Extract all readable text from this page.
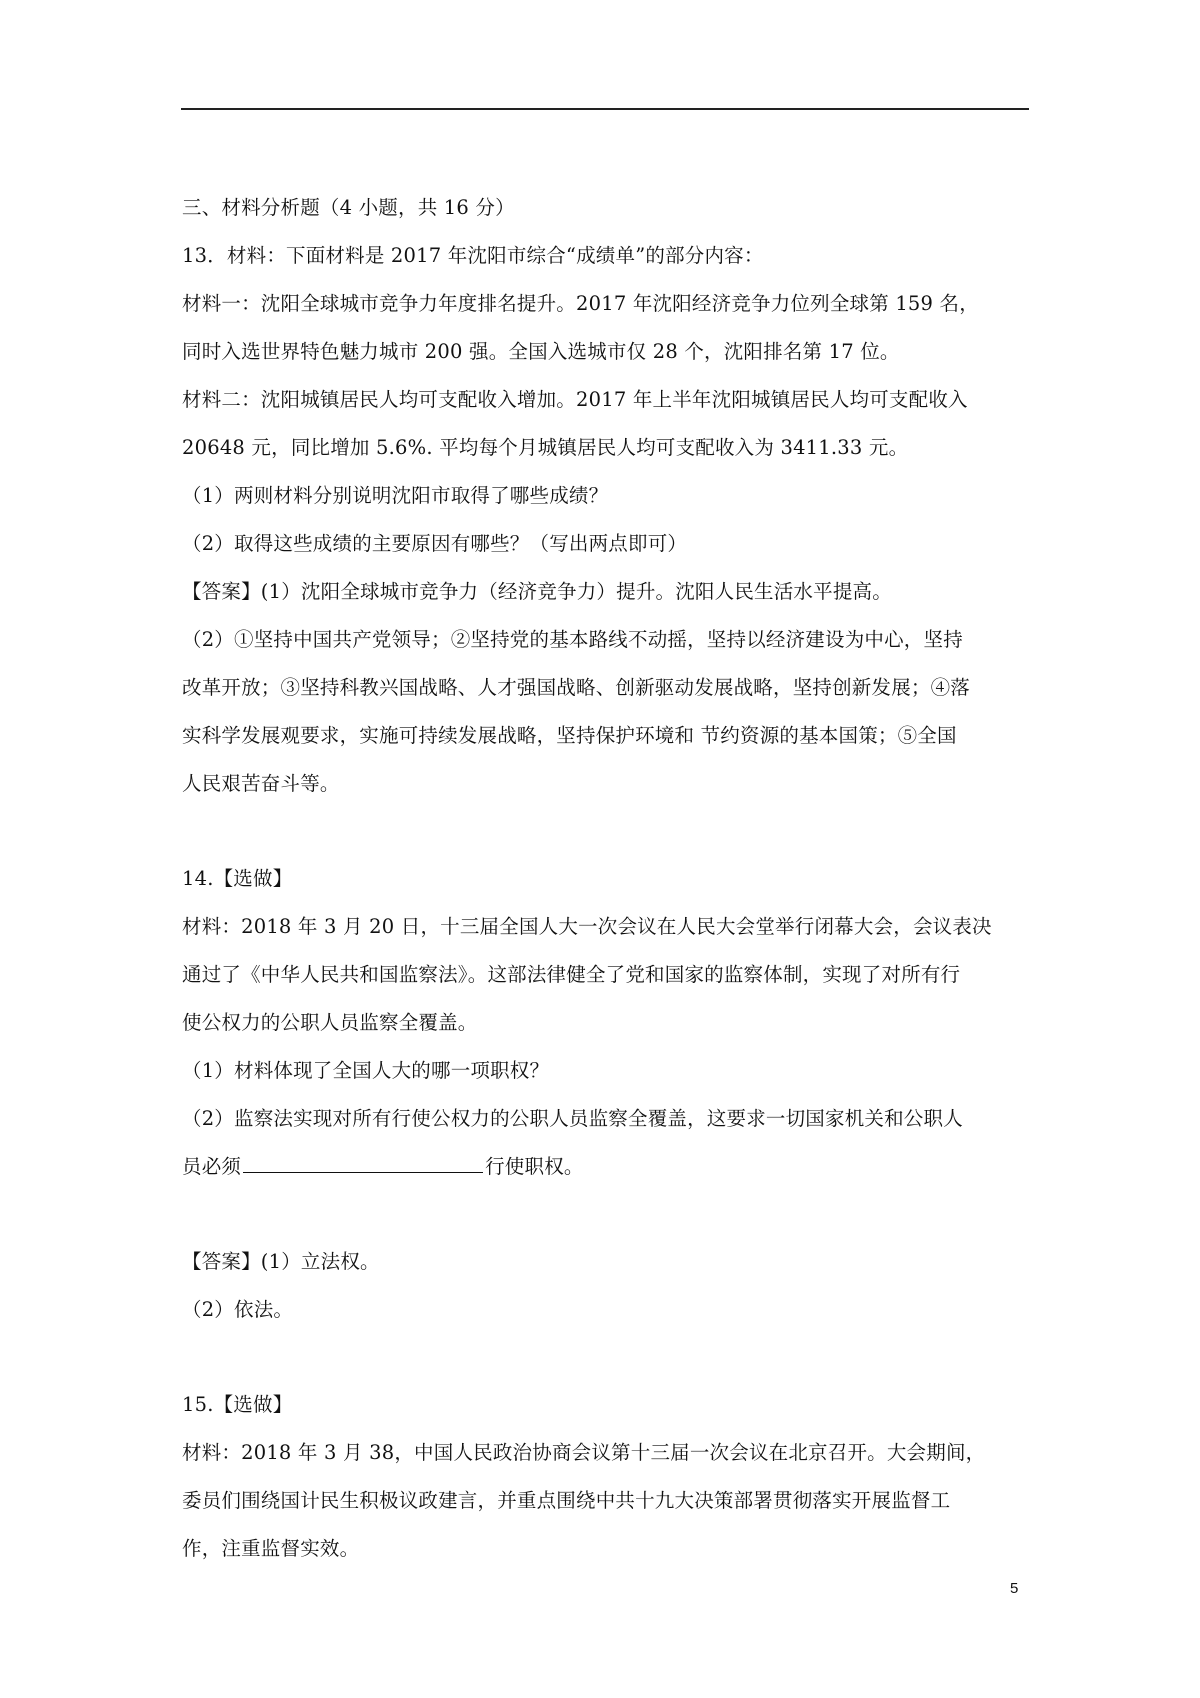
三、材料分析题（4 小题，共 16 分）
13．材料：下面材料是 2017 年沈阳市综合“成绩单”的部分内容：
材料一：沈阳全球城市竞争力年度排名提升。2017 年沈阳经济竞争力位列全球第 159 名，
同时入选世界特色魅力城市 200 强。全国入选城市仅 28 个，沈阳排名第 17 位。
材料二：沈阳城镇居民人均可支配收入增加。2017 年上半年沈阳城镇居民人均可支配收入
20648 元，同比增加 5.6%. 平均每个月城镇居民人均可支配收入为 3411.33 元。
（1）两则材料分别说明沈阳市取得了哪些成绩？
（2）取得这些成绩的主要原因有哪些？（写出两点即可）
【答案】(1）沈阳全球城市竞争力（经济竞争力）提升。沈阳人民生活水平提高。
（2）①坚持中国共产党领导；②坚持党的基本路线不动摇，坚持以经济建设为中心，坚持
改革开放；③坚持科教兴国战略、人才强国战略、创新驱动发展战略，坚持创新发展；④落
实科学发展观要求，实施可持续发展战略，坚持保护环境和 节约资源的基本国策；⑤全国
人民艰苦奋斗等。
14.【选做】
材料：2018 年 3 月 20 日，十三届全国人大一次会议在人民大会堂举行闭幕大会，会议表决
通过了《中华人民共和国监察法》。这部法律健全了党和国家的监察体制，实现了对所有行
使公权力的公职人员监察全覆盖。
（1）材料体现了全国人大的哪一项职权？
（2）监察法实现对所有行使公权力的公职人员监察全覆盖，这要求一切国家机关和公职人
员必须	行使职权。
【答案】(1）立法权。
（2）依法。
15.【选做】
材料：2018 年 3 月 38，中国人民政治协商会议第十三届一次会议在北京召开。大会期间，
委员们围绕国计民生积极议政建言，并重点围绕中共十九大决策部署贯彻落实开展监督工
作，注重监督实效。
5
